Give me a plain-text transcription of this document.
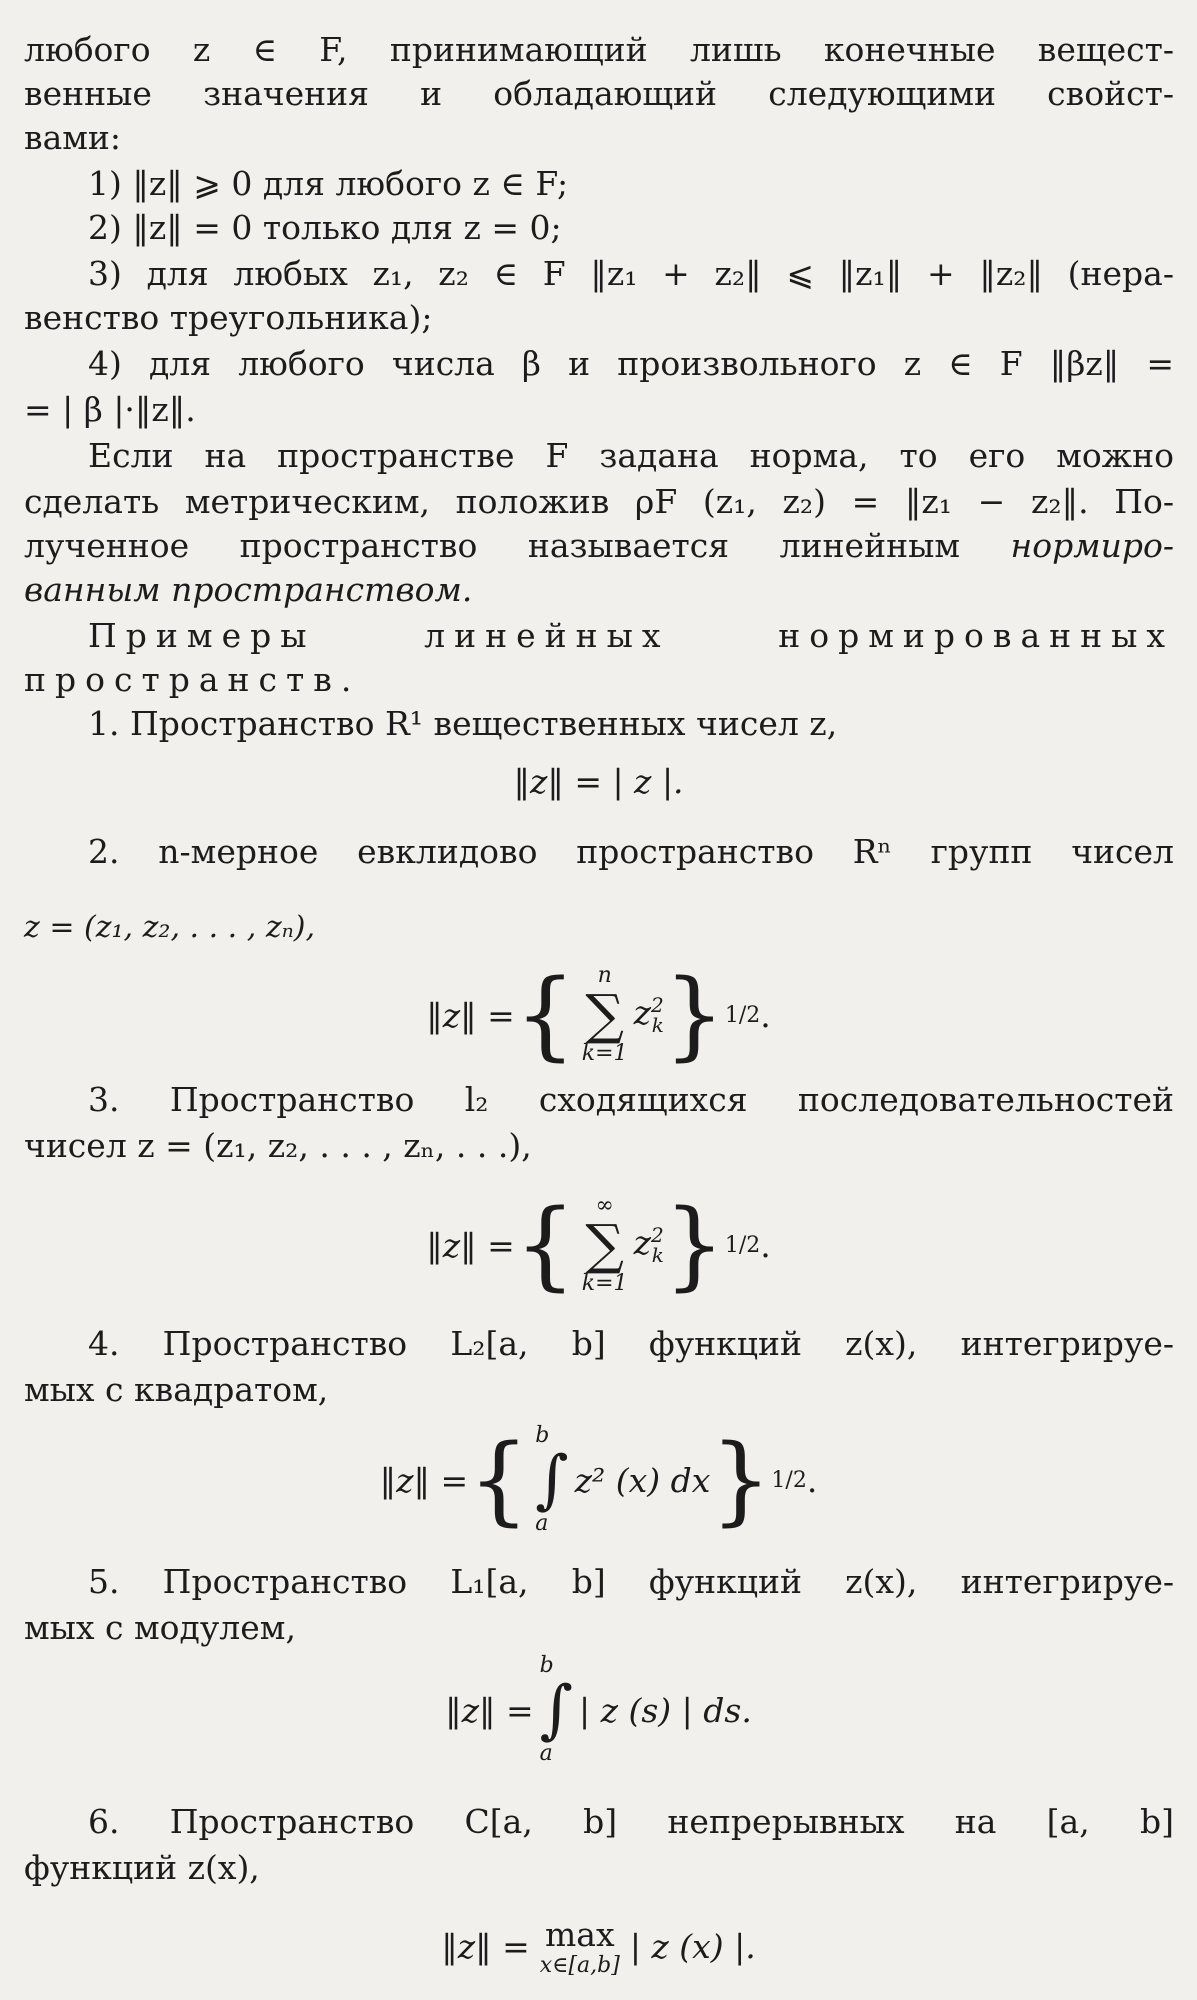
любого z ∈ F, принимающий лишь конечные вещест-
венные значения и обладающий следующими свойст-
вами:
1) ‖z‖ ⩾ 0 для любого z ∈ F;
2) ‖z‖ = 0 только для z = 0;
3) для любых z₁, z₂ ∈ F ‖z₁ + z₂‖ ⩽ ‖z₁‖ + ‖z₂‖ (нера-
венство треугольника);
4) для любого числа β и произвольного z ∈ F ‖βz‖ =
= | β |·‖z‖.
Если на пространстве F задана норма, то его можно
сделать метрическим, положив ρF (z₁, z₂) = ‖z₁ − z₂‖. По-
лученное пространство называется линейным нормиро-
ванным пространством.
Примеры линейных нормированных
пространств.
1. Пространство R¹ вещественных чисел z,
‖z‖ = | z |.
2. n-мерное евклидово пространство Rⁿ групп чисел
z = (z₁, z₂, . . . , zₙ),
‖z‖ = { n
∑
k=1
$z^2_k$ } 1/2 .
3. Пространство l₂ сходящихся последовательностей
чисел z = (z₁, z₂, . . . , zₙ, . . .),
‖z‖ = { ∞
∑
k=1
$z^2_k$ } 1/2 .
4. Пространство L₂[a, b] функций z(x), интегрируе-
мых с квадратом,
‖z‖ = { b
∫
a
z² (x) dx } 1/2 .
5. Пространство L₁[a, b] функций z(x), интегрируе-
мых с модулем,
‖z‖ =
b
∫
a
| z (s) | ds.
6. Пространство C[a, b] непрерывных на [a, b]
функций z(x),
‖z‖ = max
x∈[a,b] | z (x) |.
